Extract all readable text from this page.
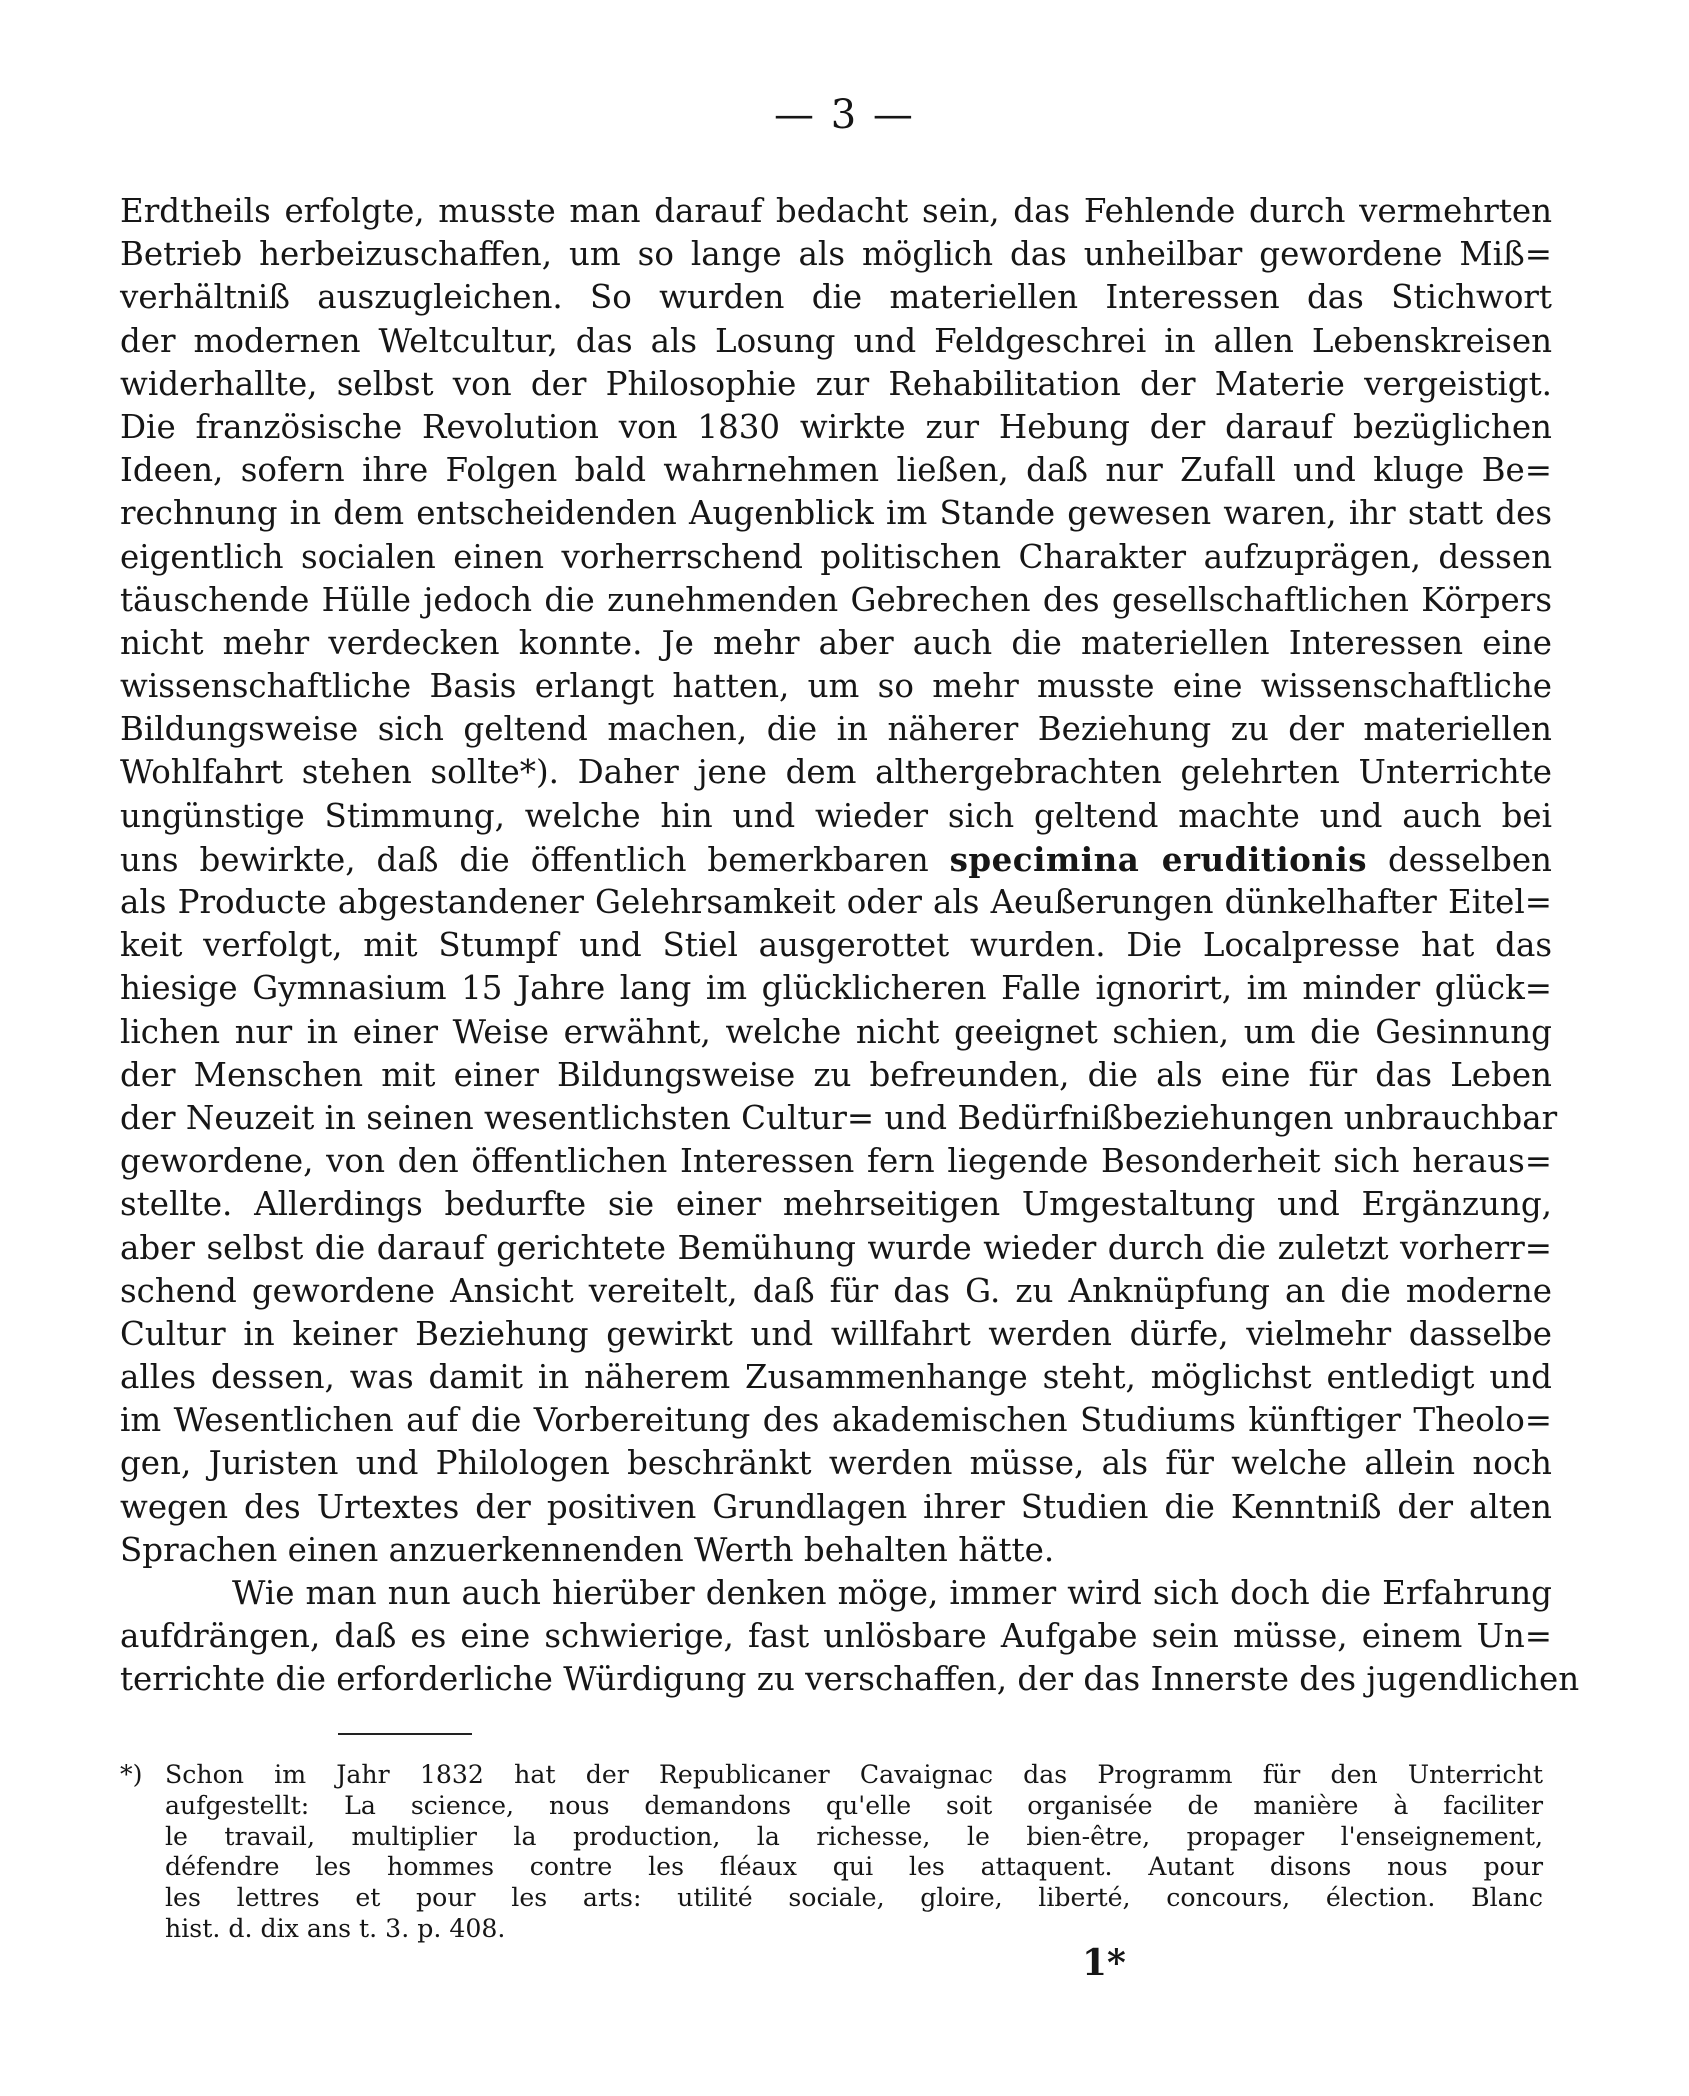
— 3 —
Erdtheils erfolgte, musste man darauf bedacht sein, das Fehlende durch vermehrten
Betrieb herbeizuschaffen, um so lange als möglich das unheilbar gewordene Miß=
verhältniß auszugleichen. So wurden die materiellen Interessen das Stichwort
der modernen Weltcultur, das als Losung und Feldgeschrei in allen Lebenskreisen
widerhallte, selbst von der Philosophie zur Rehabilitation der Materie vergeistigt.
Die französische Revolution von 1830 wirkte zur Hebung der darauf bezüglichen
Ideen, sofern ihre Folgen bald wahrnehmen ließen, daß nur Zufall und kluge Be=
rechnung in dem entscheidenden Augenblick im Stande gewesen waren, ihr statt des
eigentlich socialen einen vorherrschend politischen Charakter aufzuprägen, dessen
täuschende Hülle jedoch die zunehmenden Gebrechen des gesellschaftlichen Körpers
nicht mehr verdecken konnte. Je mehr aber auch die materiellen Interessen eine
wissenschaftliche Basis erlangt hatten, um so mehr musste eine wissenschaftliche
Bildungsweise sich geltend machen, die in näherer Beziehung zu der materiellen
Wohlfahrt stehen sollte*). Daher jene dem althergebrachten gelehrten Unterrichte
ungünstige Stimmung, welche hin und wieder sich geltend machte und auch bei
uns bewirkte, daß die öffentlich bemerkbaren specimina eruditionis desselben
als Producte abgestandener Gelehrsamkeit oder als Aeußerungen dünkelhafter Eitel=
keit verfolgt, mit Stumpf und Stiel ausgerottet wurden. Die Localpresse hat das
hiesige Gymnasium 15 Jahre lang im glücklicheren Falle ignorirt, im minder glück=
lichen nur in einer Weise erwähnt, welche nicht geeignet schien, um die Gesinnung
der Menschen mit einer Bildungsweise zu befreunden, die als eine für das Leben
der Neuzeit in seinen wesentlichsten Cultur= und Bedürfnißbeziehungen unbrauchbar
gewordene, von den öffentlichen Interessen fern liegende Besonderheit sich heraus=
stellte. Allerdings bedurfte sie einer mehrseitigen Umgestaltung und Ergänzung,
aber selbst die darauf gerichtete Bemühung wurde wieder durch die zuletzt vorherr=
schend gewordene Ansicht vereitelt, daß für das G. zu Anknüpfung an die moderne
Cultur in keiner Beziehung gewirkt und willfahrt werden dürfe, vielmehr dasselbe
alles dessen, was damit in näherem Zusammenhange steht, möglichst entledigt und
im Wesentlichen auf die Vorbereitung des akademischen Studiums künftiger Theolo=
gen, Juristen und Philologen beschränkt werden müsse, als für welche allein noch
wegen des Urtextes der positiven Grundlagen ihrer Studien die Kenntniß der alten
Sprachen einen anzuerkennenden Werth behalten hätte.
Wie man nun auch hierüber denken möge, immer wird sich doch die Erfahrung
aufdrängen, daß es eine schwierige, fast unlösbare Aufgabe sein müsse, einem Un=
terrichte die erforderliche Würdigung zu verschaffen, der das Innerste des jugendlichen
*) Schon im Jahr 1832 hat der Republicaner Cavaignac das Programm für den Unterricht
aufgestellt: La science, nous demandons qu'elle soit organisée de manière à faciliter
le travail, multiplier la production, la richesse, le bien-être, propager l'enseignement,
défendre les hommes contre les fléaux qui les attaquent. Autant disons nous pour
les lettres et pour les arts: utilité sociale, gloire, liberté, concours, élection. Blanc
hist. d. dix ans t. 3. p. 408.
1*
